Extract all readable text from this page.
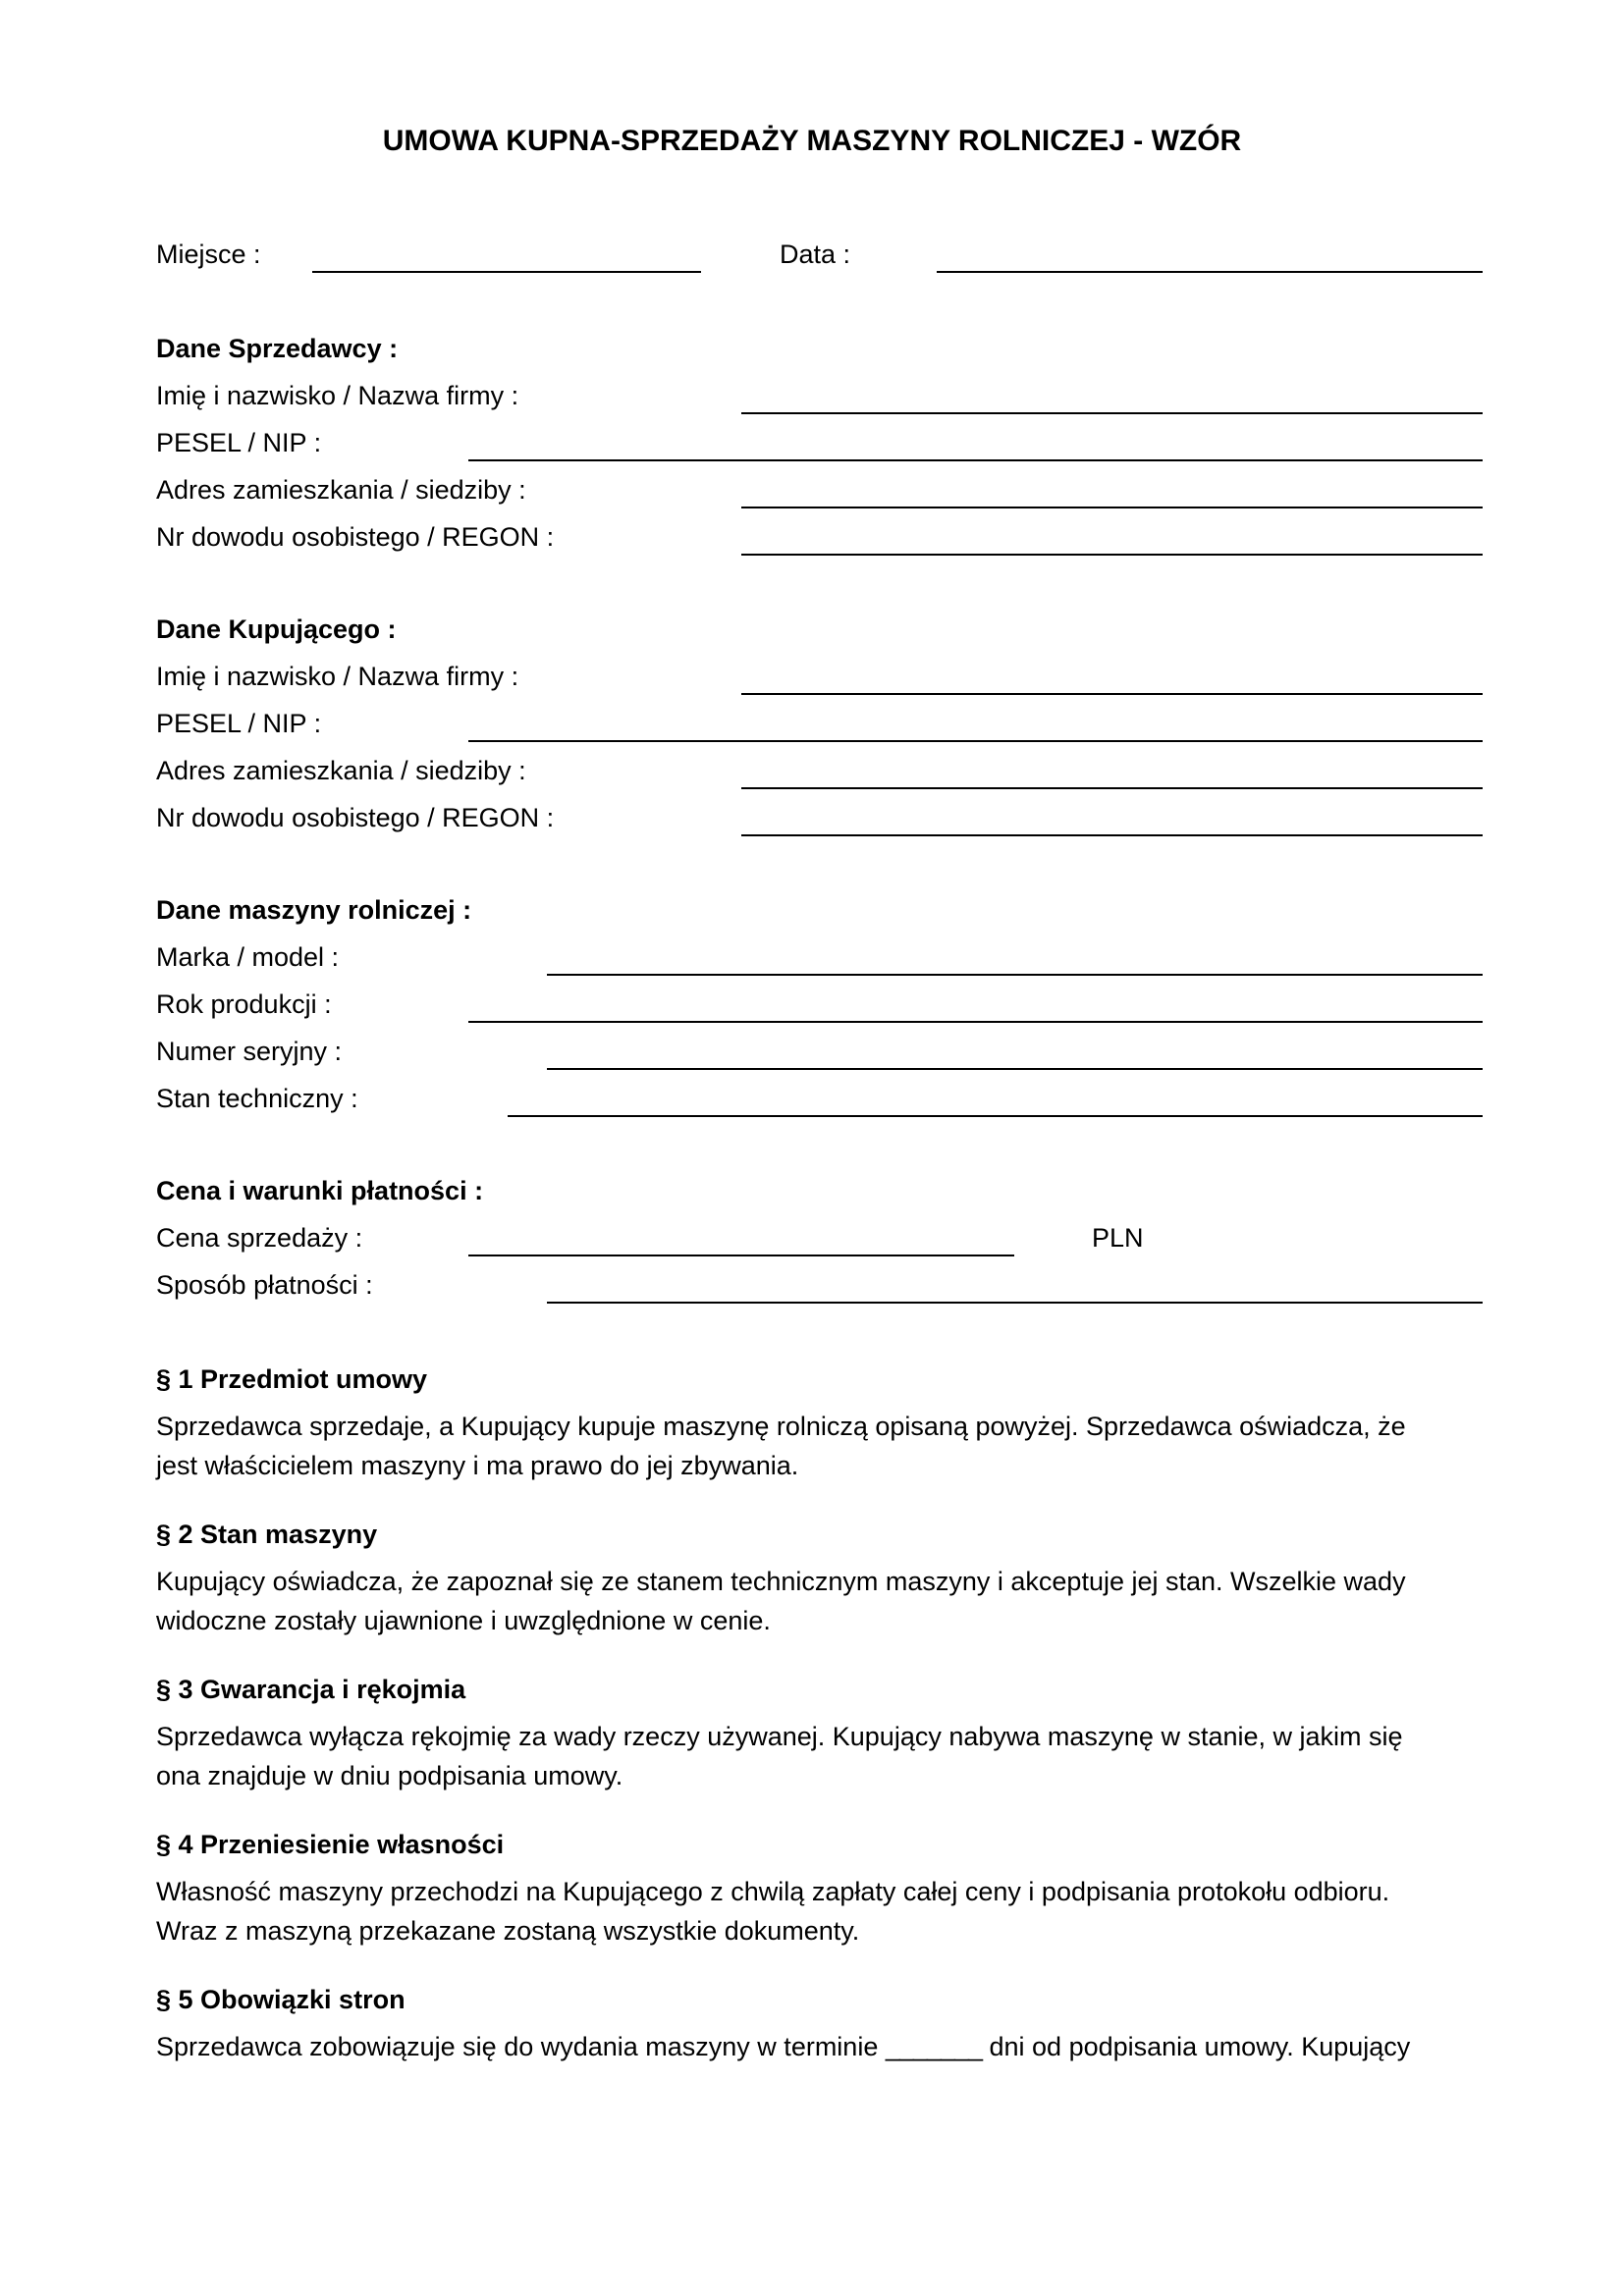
UMOWA KUPNA-SPRZEDAŻY MASZYNY ROLNICZEJ - WZÓR
Miejsce :	Data :
Dane Sprzedawcy :
Imię i nazwisko / Nazwa firmy :
PESEL / NIP :
Adres zamieszkania / siedziby :
Nr dowodu osobistego / REGON :
Dane Kupującego :
Imię i nazwisko / Nazwa firmy :
PESEL / NIP :
Adres zamieszkania / siedziby :
Nr dowodu osobistego / REGON :
Dane maszyny rolniczej :
Marka / model :
Rok produkcji :
Numer seryjny :
Stan techniczny :
Cena i warunki płatności :
Cena sprzedaży :	PLN
Sposób płatności :
§ 1 Przedmiot umowy
Sprzedawca sprzedaje, a Kupujący kupuje maszynę rolniczą opisaną powyżej. Sprzedawca oświadcza, że
jest właścicielem maszyny i ma prawo do jej zbywania.
§ 2 Stan maszyny
Kupujący oświadcza, że zapoznał się ze stanem technicznym maszyny i akceptuje jej stan. Wszelkie wady
widoczne zostały ujawnione i uwzględnione w cenie.
§ 3 Gwarancja i rękojmia
Sprzedawca wyłącza rękojmię za wady rzeczy używanej. Kupujący nabywa maszynę w stanie, w jakim się
ona znajduje w dniu podpisania umowy.
§ 4 Przeniesienie własności
Własność maszyny przechodzi na Kupującego z chwilą zapłaty całej ceny i podpisania protokołu odbioru.
Wraz z maszyną przekazane zostaną wszystkie dokumenty.
§ 5 Obowiązki stron
Sprzedawca zobowiązuje się do wydania maszyny w terminie _______ dni od podpisania umowy. Kupujący
